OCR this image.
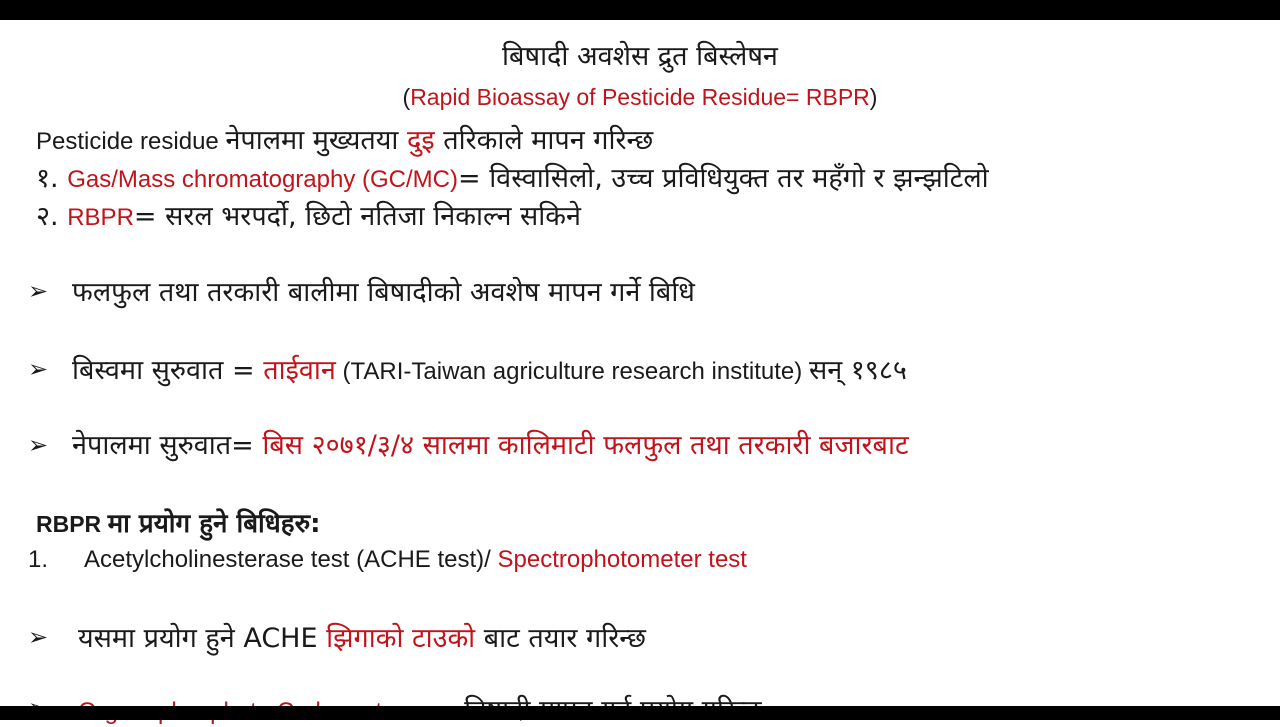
बिषादी अवशेस द्रुत बिस्लेषन
(Rapid Bioassay of Pesticide Residue= RBPR)
Pesticide residue नेपालमा मुख्यतया दुइ तरिकाले मापन गरिन्छ
१. Gas/Mass chromatography (GC/MC)= विस्वासिलो, उच्च प्रविधियुक्त तर महँगो र झन्झटिलो
२. RBPR= सरल भरपर्दो, छिटो नतिजा निकाल्न सकिने
➢ फलफुल तथा तरकारी बालीमा बिषादीको अवशेष मापन गर्ने बिधि
➢ बिस्वमा सुरुवात = ताईवान (TARI-Taiwan agriculture research institute) सन् १९८५
➢ नेपालमा सुरुवात= बिस २०७१/३/४ सालमा कालिमाटी फलफुल तथा तरकारी बजारबाट
RBPR मा प्रयोग हुने बिधिहरु:
1. Acetylcholinesterase test (ACHE test)/ Spectrophotometer test
➢ यसमा प्रयोग हुने ACHE झिगाको टाउको बाट तयार गरिन्छ
